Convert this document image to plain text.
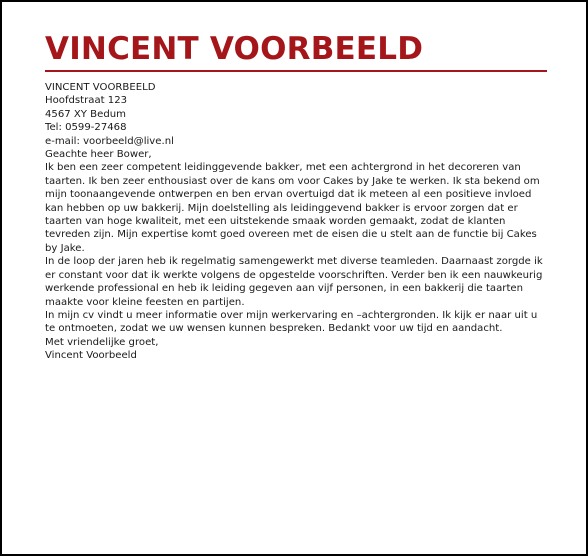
VINCENT VOORBEELD

VINCENT VOORBEELD

Hoofdstraat 123

4567 XY Bedum

Tel: 0599-27468

e-mail: voorbeeld@live.nl

Geachte heer Bower,

Ik ben een zeer competent leidinggevende bakker, met een achtergrond in het decoreren van taarten. Ik ben zeer enthousiast over de kans om voor Cakes by Jake te werken. Ik sta bekend om mijn toonaangevende ontwerpen en ben ervan overtuigd dat ik meteen al een positieve invloed kan hebben op uw bakkerij. Mijn doelstelling als leidinggevend bakker is ervoor zorgen dat er taarten van hoge kwaliteit, met een uitstekende smaak worden gemaakt, zodat de klanten tevreden zijn. Mijn expertise komt goed overeen met de eisen die u stelt aan de functie bij Cakes by Jake.

In de loop der jaren heb ik regelmatig samengewerkt met diverse teamleden. Daarnaast zorgde ik er constant voor dat ik werkte volgens de opgestelde voorschriften. Verder ben ik een nauwkeurig werkende professional en heb ik leiding gegeven aan vijf personen, in een bakkerij die taarten maakte voor kleine feesten en partijen.

In mijn cv vindt u meer informatie over mijn werkervaring en –achtergronden. Ik kijk er naar uit u te ontmoeten, zodat we uw wensen kunnen bespreken. Bedankt voor uw tijd en aandacht.

Met vriendelijke groet,

Vincent Voorbeeld
